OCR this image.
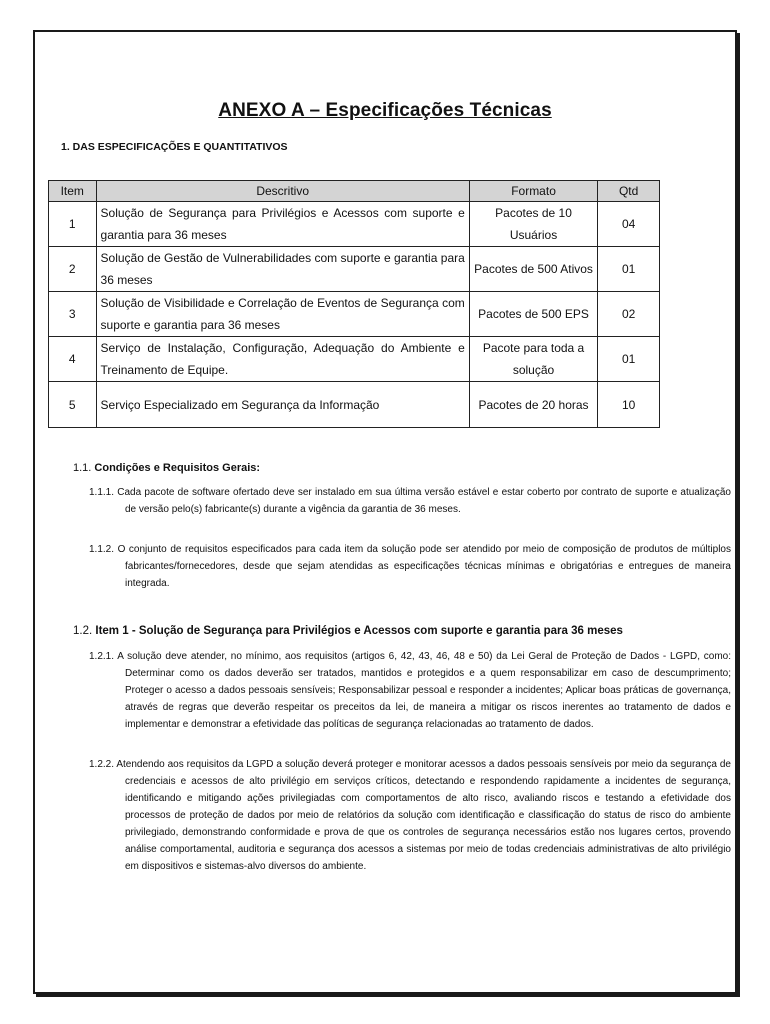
ANEXO A – Especificações Técnicas
1. DAS ESPECIFICAÇÕES E QUANTITATIVOS
Item	Descritivo	Formato	Qtd
1	Solução de Segurança para Privilégios e Acessos com suporte e garantia para 36 meses	Pacotes de 10 Usuários	04
2	Solução de Gestão de Vulnerabilidades com suporte e garantia para 36 meses	Pacotes de 500 Ativos	01
3	Solução de Visibilidade e Correlação de Eventos de Segurança com suporte e garantia para 36 meses	Pacotes de 500 EPS	02
4	Serviço de Instalação, Configuração, Adequação do Ambiente e Treinamento de Equipe.	Pacote para toda a solução	01
5	Serviço Especializado em Segurança da Informação	Pacotes de 20 horas	10
1.1. Condições e Requisitos Gerais:
1.1.1. Cada pacote de software ofertado deve ser instalado em sua última versão estável e estar coberto por contrato de suporte e atualização de versão pelo(s) fabricante(s) durante a vigência da garantia de 36 meses.
1.1.2. O conjunto de requisitos especificados para cada item da solução pode ser atendido por meio de composição de produtos de múltiplos fabricantes/fornecedores, desde que sejam atendidas as especificações técnicas mínimas e obrigatórias e entregues de maneira integrada.
1.2. Item 1 - Solução de Segurança para Privilégios e Acessos com suporte e garantia para 36 meses
1.2.1. A solução deve atender, no mínimo, aos requisitos (artigos 6, 42, 43, 46, 48 e 50) da Lei Geral de Proteção de Dados - LGPD, como: Determinar como os dados deverão ser tratados, mantidos e protegidos e a quem responsabilizar em caso de descumprimento; Proteger o acesso a dados pessoais sensíveis; Responsabilizar pessoal e responder a incidentes; Aplicar boas práticas de governança, através de regras que deverão respeitar os preceitos da lei, de maneira a mitigar os riscos inerentes ao tratamento de dados e implementar e demonstrar a efetividade das políticas de segurança relacionadas ao tratamento de dados.
1.2.2. Atendendo aos requisitos da LGPD a solução deverá proteger e monitorar acessos a dados pessoais sensíveis por meio da segurança de credenciais e acessos de alto privilégio em serviços críticos, detectando e respondendo rapidamente a incidentes de segurança, identificando e mitigando ações privilegiadas com comportamentos de alto risco, avaliando riscos e testando a efetividade dos processos de proteção de dados por meio de relatórios da solução com identificação e classificação do status de risco do ambiente privilegiado, demonstrando conformidade e prova de que os controles de segurança necessários estão nos lugares certos, provendo análise comportamental, auditoria e segurança dos acessos a sistemas por meio de todas credenciais administrativas de alto privilégio em dispositivos e sistemas-alvo diversos do ambiente.
